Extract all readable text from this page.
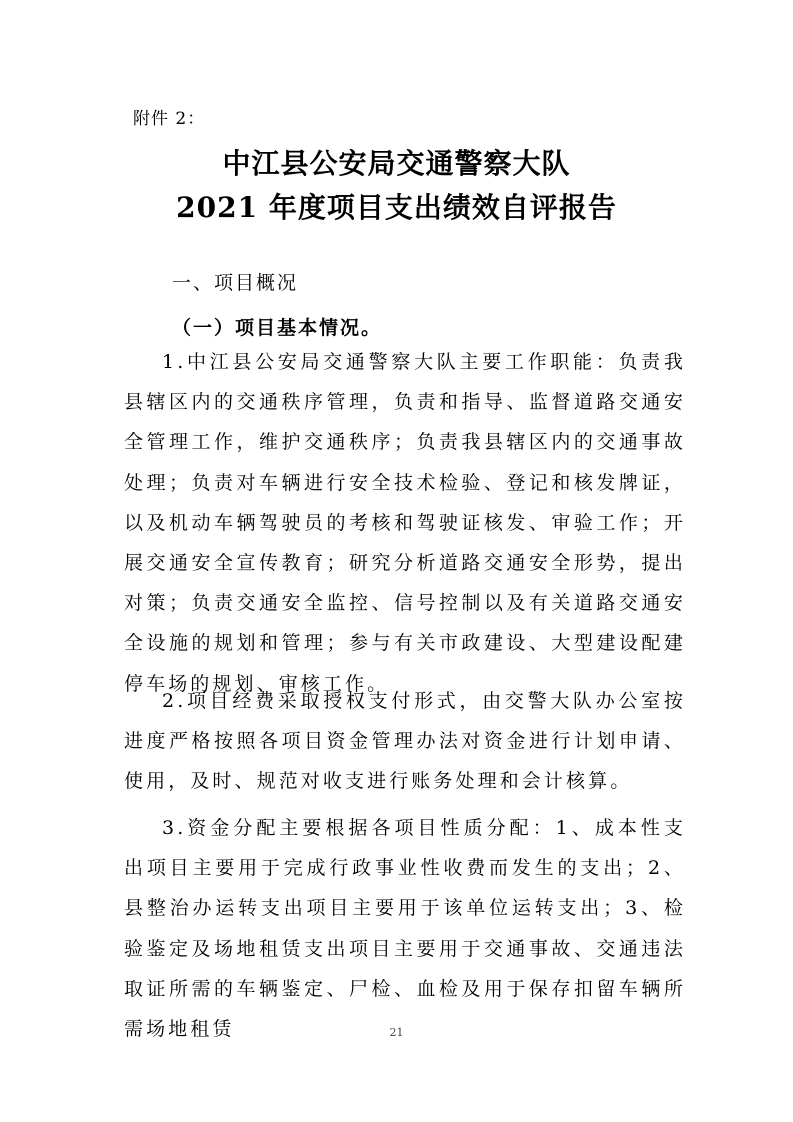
附件 2：
中江县公安局交通警察大队
2021 年度项目支出绩效自评报告
一、项目概况
（一）项目基本情况。
1.中江县公安局交通警察大队主要工作职能：负责我县辖区内的交通秩序管理，负责和指导、监督道路交通安全管理工作，维护交通秩序；负责我县辖区内的交通事故处理；负责对车辆进行安全技术检验、登记和核发牌证，以及机动车辆驾驶员的考核和驾驶证核发、审验工作；开展交通安全宣传教育；研究分析道路交通安全形势，提出对策；负责交通安全监控、信号控制以及有关道路交通安全设施的规划和管理；参与有关市政建设、大型建设配建停车场的规划、审核工作。
2.项目经费采取授权支付形式，由交警大队办公室按进度严格按照各项目资金管理办法对资金进行计划申请、使用，及时、规范对收支进行账务处理和会计核算。
3.资金分配主要根据各项目性质分配：1、成本性支出项目主要用于完成行政事业性收费而发生的支出；2、县整治办运转支出项目主要用于该单位运转支出；3、检验鉴定及场地租赁支出项目主要用于交通事故、交通违法取证所需的车辆鉴定、尸检、血检及用于保存扣留车辆所需场地租赁	21
